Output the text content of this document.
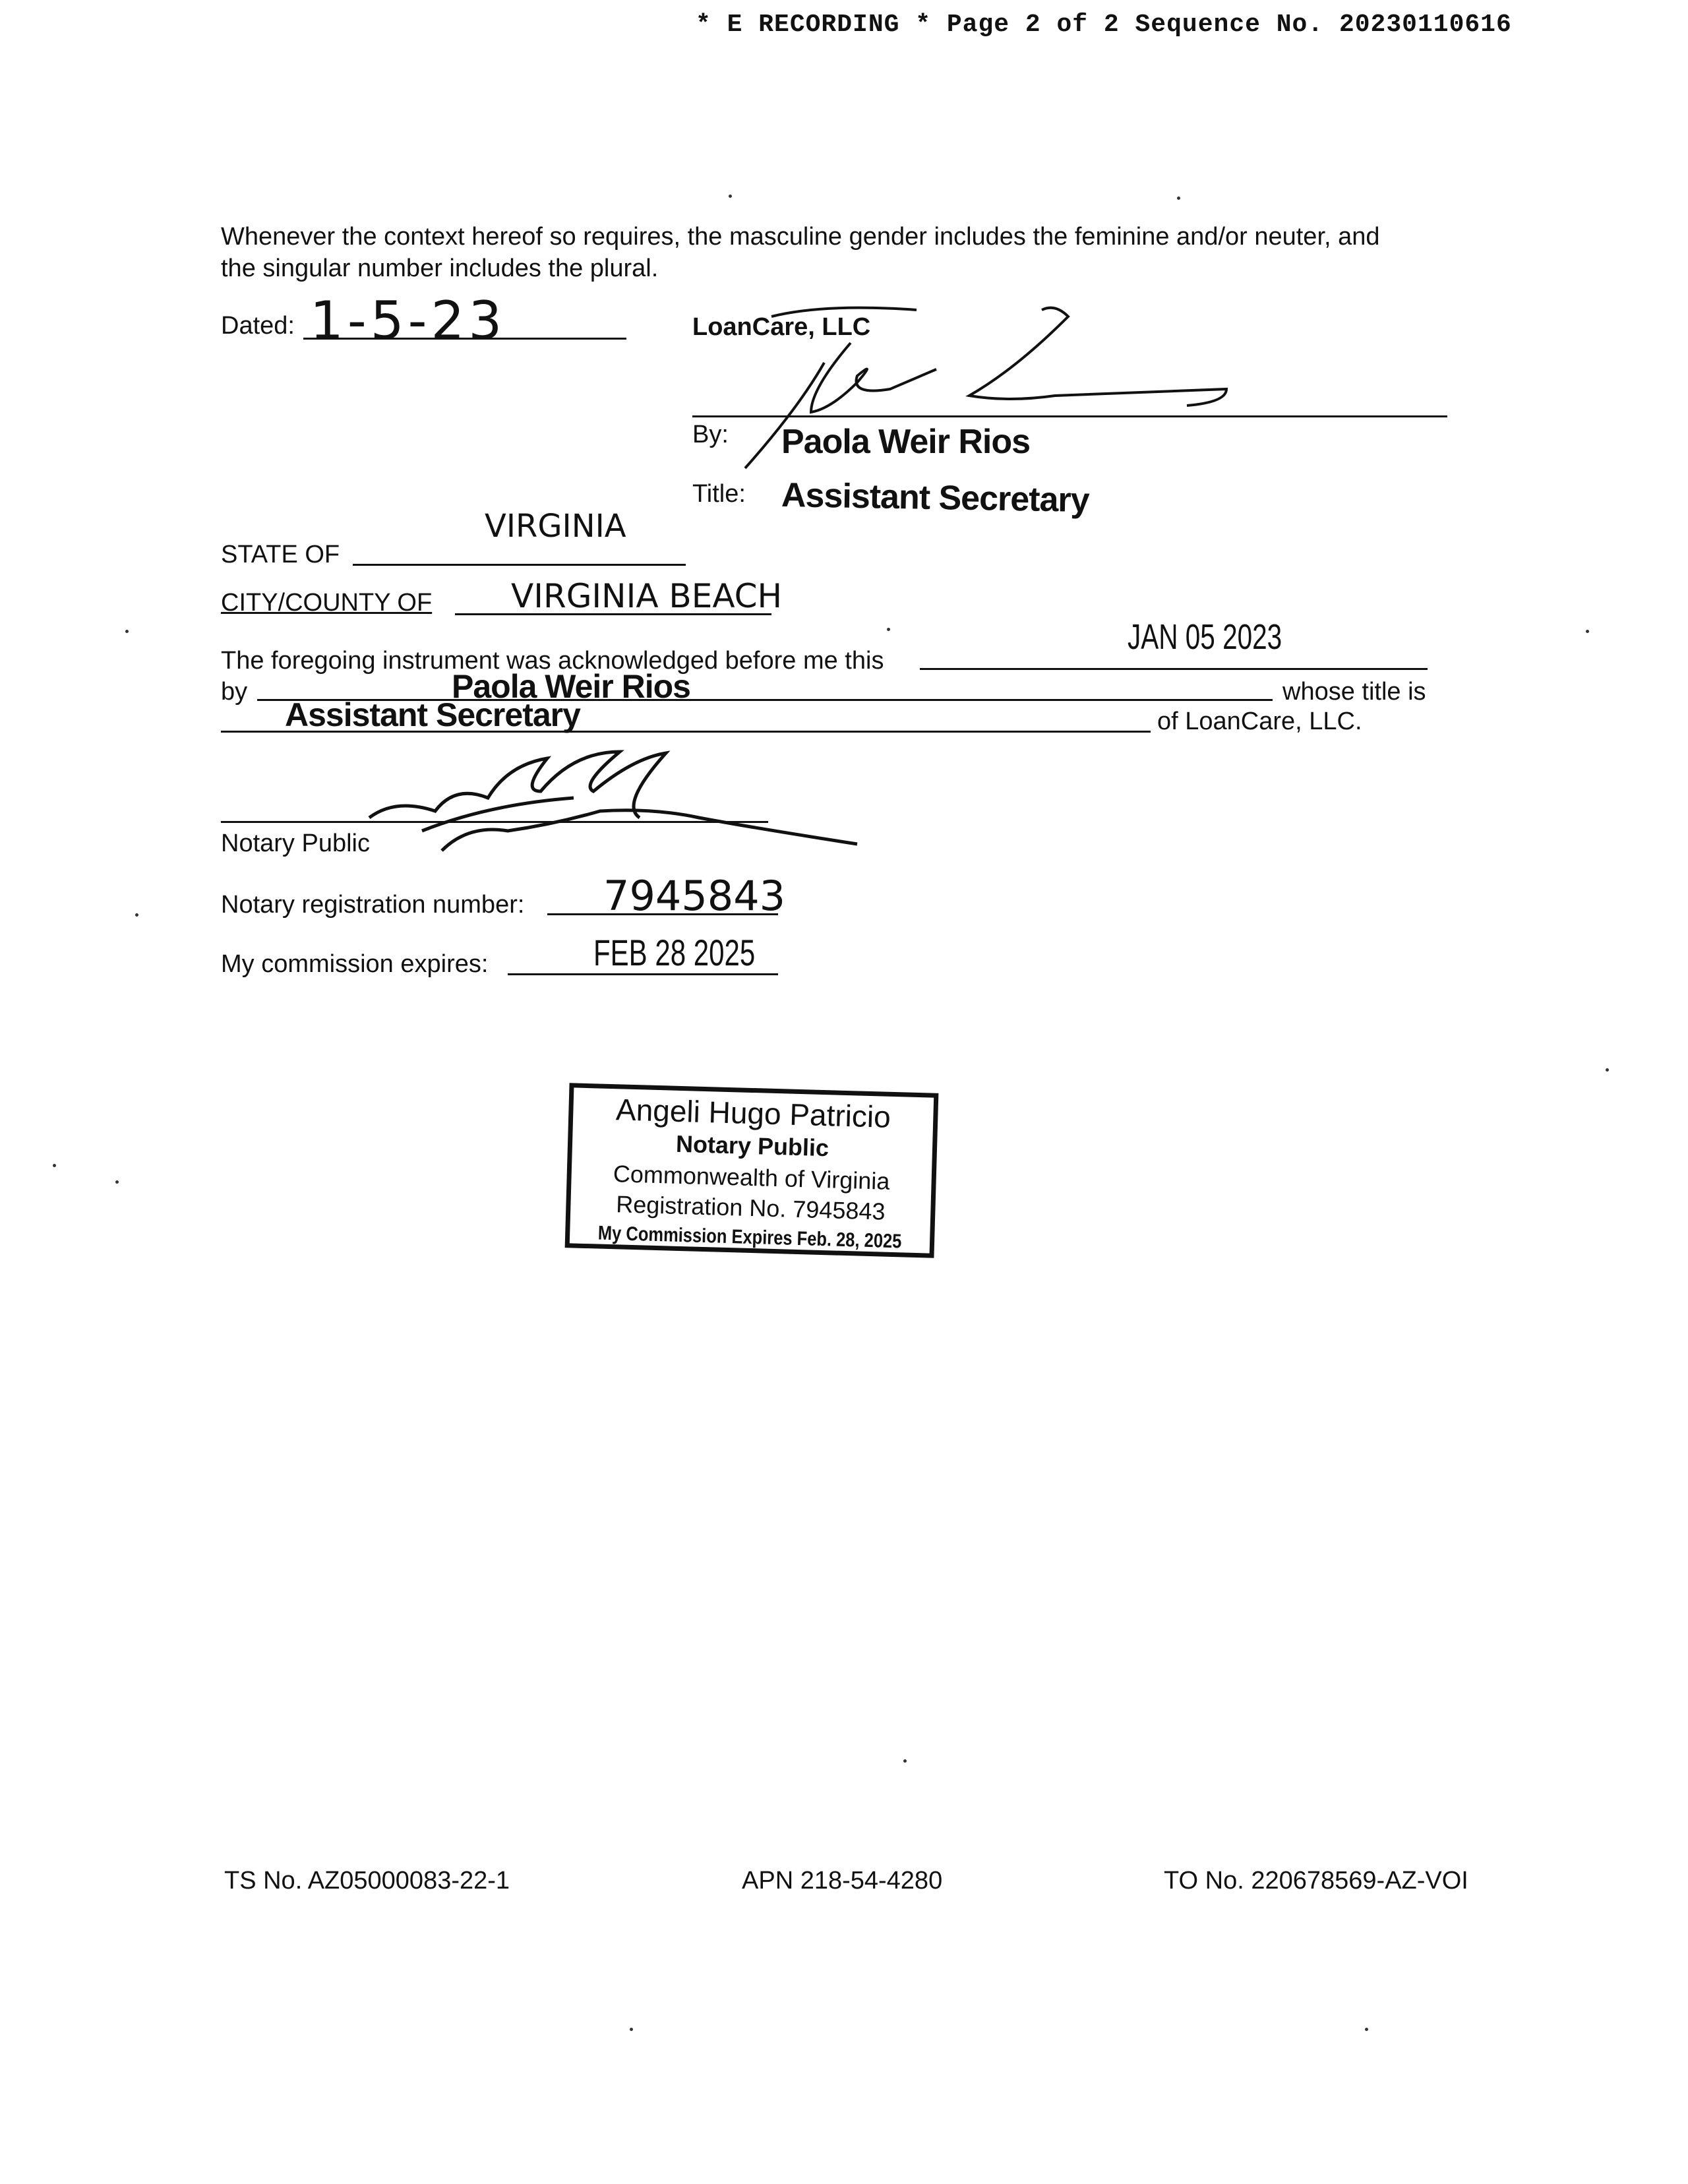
* E RECORDING * Page 2 of 2 Sequence No. 20230110616
Whenever the context hereof so requires, the masculine gender includes the feminine and/or neuter, and
the singular number includes the plural.
Dated: 1-5-23	LoanCare, LLC
By: Paola Weir Rios
Title: Assistant Secretary
VIRGINIA
STATE OF
CITY/COUNTY OF VIRGINIA BEACH
JAN 05 2023
The foregoing instrument was acknowledged before me this
by	Paola Weir Rios	whose title is
Assistant Secretary	of LoanCare, LLC.
Notary Public
Notary registration number: 7945843
My commission expires:	FEB 28 2025
Angeli Hugo Patricio
Notary Public
Commonwealth of Virginia
Registration No. 7945843
My Commission Expires Feb. 28, 2025
TS No. AZ05000083-22-1	APN 218-54-4280	TO No. 220678569-AZ-VOI
